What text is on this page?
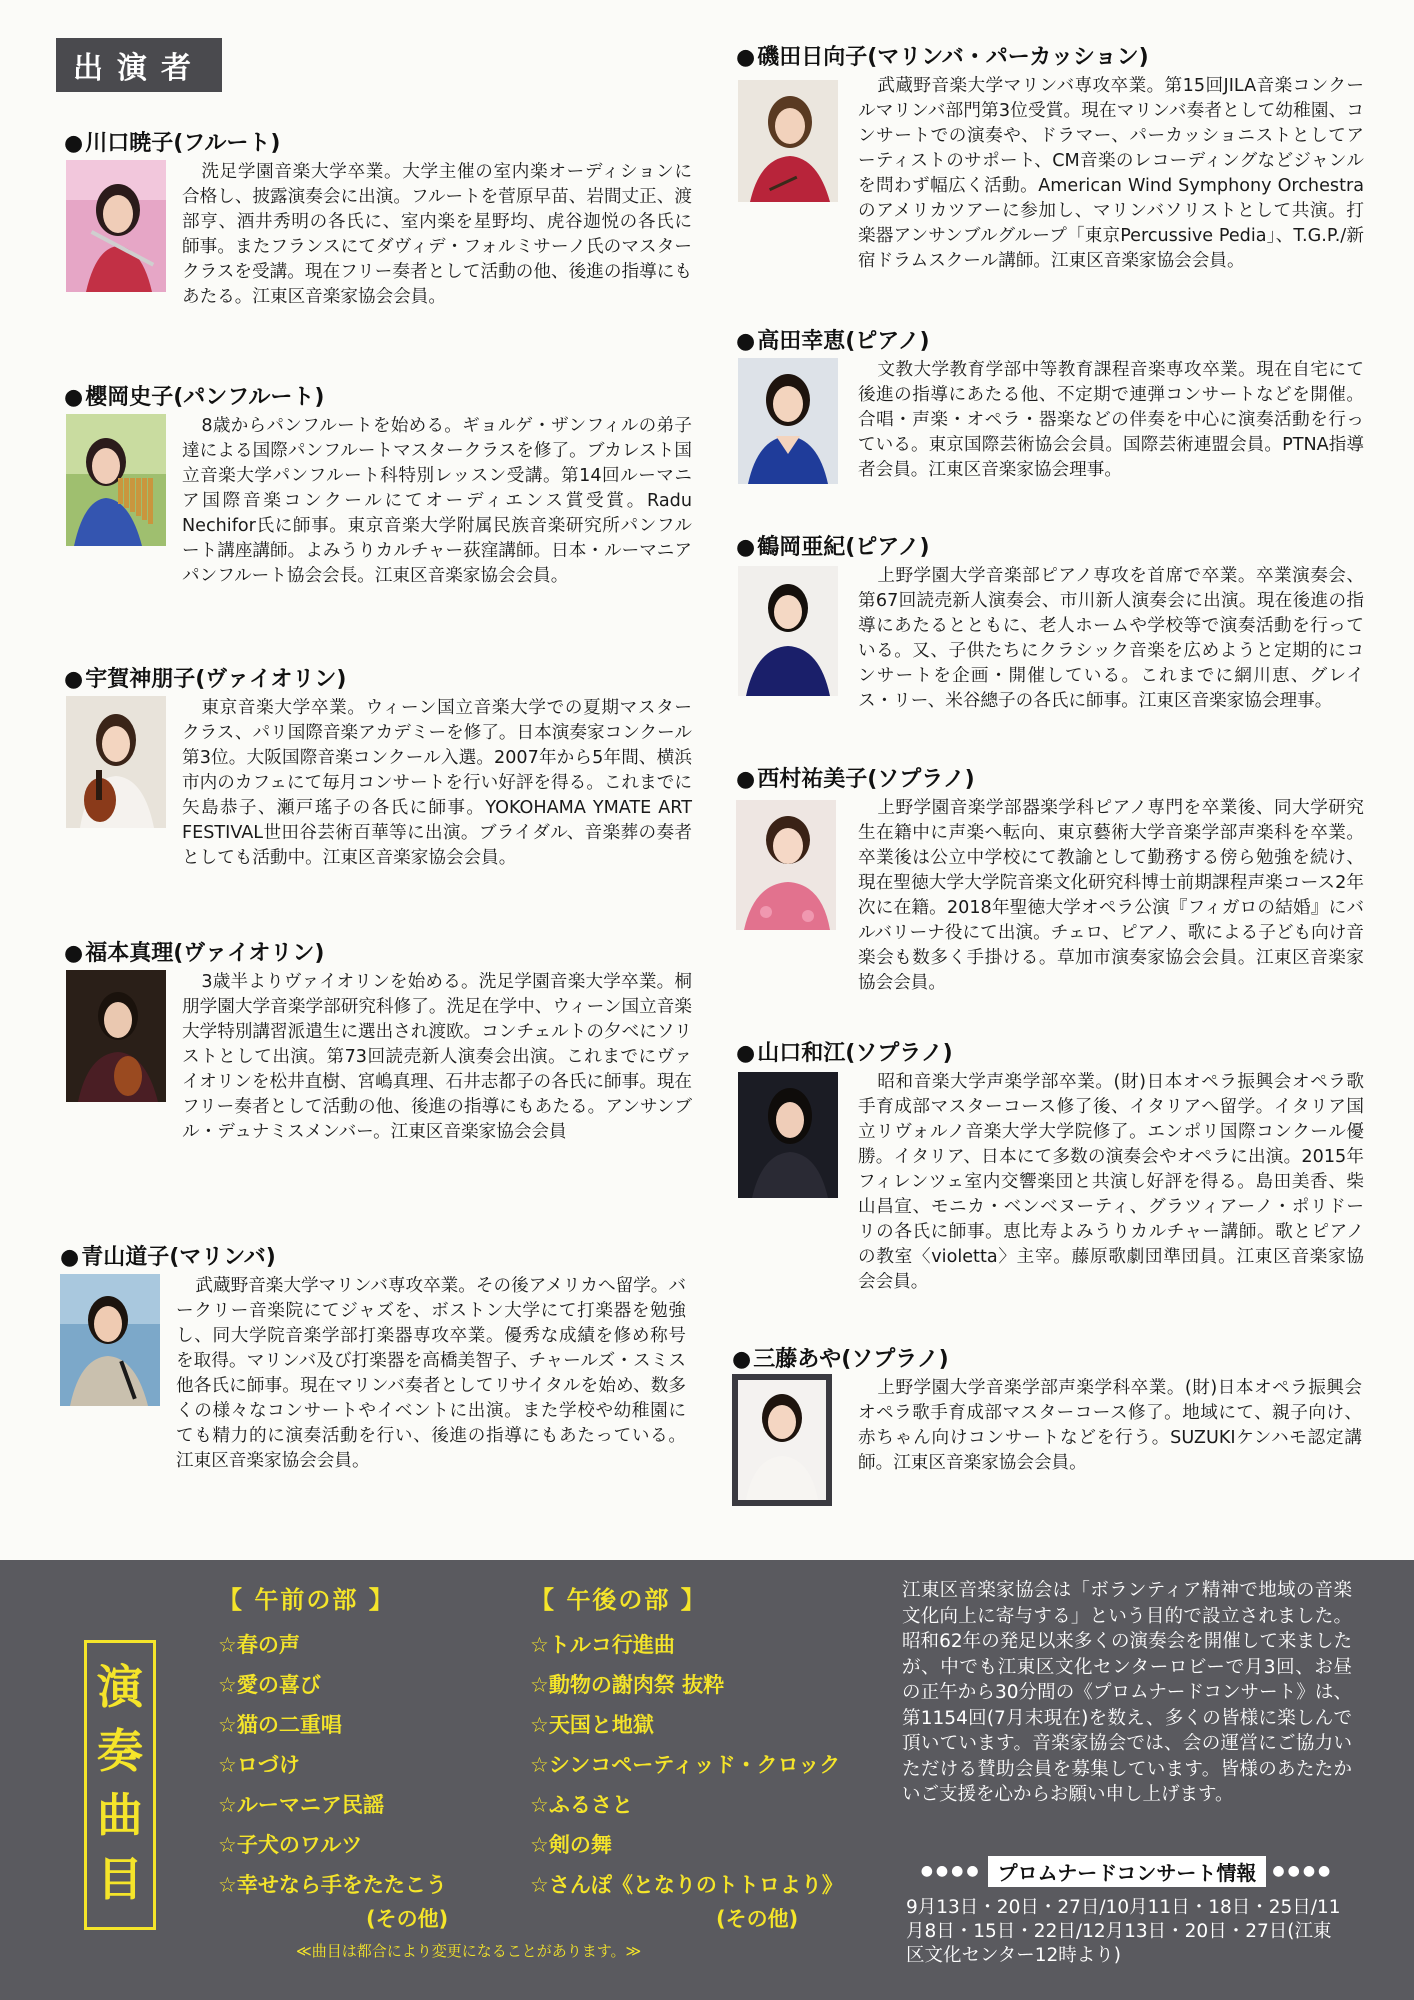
出演者
● 川口暁子(フルート)
洗足学園音楽大学卒業。大学主催の室内楽オーディションに合格し、披露演奏会に出演。フルートを菅原早苗、岩間丈正、渡部亨、酒井秀明の各氏に、室内楽を星野均、虎谷迦悦の各氏に師事。またフランスにてダヴィデ・フォルミサーノ氏のマスタークラスを受講。現在フリー奏者として活動の他、後進の指導にもあたる。江東区音楽家協会会員。
● 櫻岡史子(パンフルート)
8歳からパンフルートを始める。ギョルゲ・ザンフィルの弟子達による国際パンフルートマスタークラスを修了。ブカレスト国立音楽大学パンフルート科特別レッスン受講。第14回ルーマニア国際音楽コンクールにてオーディエンス賞受賞。Radu Nechifor氏に師事。東京音楽大学附属民族音楽研究所パンフルート講座講師。よみうりカルチャー荻窪講師。日本・ルーマニアパンフルート協会会長。江東区音楽家協会会員。
● 宇賀神朋子(ヴァイオリン)
東京音楽大学卒業。ウィーン国立音楽大学での夏期マスタークラス、パリ国際音楽アカデミーを修了。日本演奏家コンクール第3位。大阪国際音楽コンクール入選。2007年から5年間、横浜市内のカフェにて毎月コンサートを行い好評を得る。これまでに矢島恭子、瀬戸瑤子の各氏に師事。YOKOHAMA YMATE ART FESTIVAL世田谷芸術百華等に出演。ブライダル、音楽葬の奏者としても活動中。江東区音楽家協会会員。
● 福本真理(ヴァイオリン)
3歳半よりヴァイオリンを始める。洗足学園音楽大学卒業。桐朋学園大学音楽学部研究科修了。洗足在学中、ウィーン国立音楽大学特別講習派遣生に選出され渡欧。コンチェルトの夕べにソリストとして出演。第73回読売新人演奏会出演。これまでにヴァイオリンを松井直樹、宮嶋真理、石井志都子の各氏に師事。現在フリー奏者として活動の他、後進の指導にもあたる。アンサンブル・デュナミスメンバー。江東区音楽家協会会員
● 青山道子(マリンバ)
武蔵野音楽大学マリンバ専攻卒業。その後アメリカへ留学。バークリー音楽院にてジャズを、ボストン大学にて打楽器を勉強し、同大学院音楽学部打楽器専攻卒業。優秀な成績を修め称号を取得。マリンバ及び打楽器を高橋美智子、チャールズ・スミス他各氏に師事。現在マリンバ奏者としてリサイタルを始め、数多くの様々なコンサートやイベントに出演。また学校や幼稚園にても精力的に演奏活動を行い、後進の指導にもあたっている。江東区音楽家協会会員。
● 磯田日向子(マリンバ・パーカッション)
武蔵野音楽大学マリンバ専攻卒業。第15回JILA音楽コンクールマリンバ部門第3位受賞。現在マリンバ奏者として幼稚園、コンサートでの演奏や、ドラマー、パーカッショニストとしてアーティストのサポート、CM音楽のレコーディングなどジャンルを問わず幅広く活動。American Wind Symphony Orchestraのアメリカツアーに参加し、マリンバソリストとして共演。打楽器アンサンブルグループ「東京Percussive Pedia」、T.G.P./新宿ドラムスクール講師。江東区音楽家協会会員。
● 高田幸恵(ピアノ)
文教大学教育学部中等教育課程音楽専攻卒業。現在自宅にて後進の指導にあたる他、不定期で連弾コンサートなどを開催。合唱・声楽・オペラ・器楽などの伴奏を中心に演奏活動を行っている。東京国際芸術協会会員。国際芸術連盟会員。PTNA指導者会員。江東区音楽家協会理事。
● 鶴岡亜紀(ピアノ)
上野学園大学音楽部ピアノ専攻を首席で卒業。卒業演奏会、第67回読売新人演奏会、市川新人演奏会に出演。現在後進の指導にあたるとともに、老人ホームや学校等で演奏活動を行っている。又、子供たちにクラシック音楽を広めようと定期的にコンサートを企画・開催している。これまでに網川恵、グレイス・リー、米谷總子の各氏に師事。江東区音楽家協会理事。
● 西村祐美子(ソプラノ)
上野学園音楽学部器楽学科ピアノ専門を卒業後、同大学研究生在籍中に声楽へ転向、東京藝術大学音楽学部声楽科を卒業。卒業後は公立中学校にて教諭として勤務する傍ら勉強を続け、現在聖徳大学大学院音楽文化研究科博士前期課程声楽コース2年次に在籍。2018年聖徳大学オペラ公演『フィガロの結婚』にバルバリーナ役にて出演。チェロ、ピアノ、歌による子ども向け音楽会も数多く手掛ける。草加市演奏家協会会員。江東区音楽家協会会員。
● 山口和江(ソプラノ)
昭和音楽大学声楽学部卒業。(財)日本オペラ振興会オペラ歌手育成部マスターコース修了後、イタリアへ留学。イタリア国立リヴォルノ音楽大学大学院修了。エンポリ国際コンクール優勝。イタリア、日本にて多数の演奏会やオペラに出演。2015年フィレンツェ室内交響楽団と共演し好評を得る。島田美香、柴山昌宣、モニカ・ベンベヌーティ、グラツィアーノ・ポリドーリの各氏に師事。恵比寿よみうりカルチャー講師。歌とピアノの教室〈violetta〉主宰。藤原歌劇団準団員。江東区音楽家協会会員。
● 三藤あや(ソプラノ)
上野学園大学音楽学部声楽学科卒業。(財)日本オペラ振興会オペラ歌手育成部マスターコース修了。地域にて、親子向け、赤ちゃん向けコンサートなどを行う。SUZUKIケンハモ認定講師。江東区音楽家協会会員。
演
奏
曲
目
【 午前の部 】
☆ 春の声
☆ 愛の喜び
☆ 猫の二重唱
☆ ロづけ
☆ ルーマニア民謡
☆ 子犬のワルツ
☆ 幸せなら手をたたこう
(その他)
【 午後の部 】
☆ トルコ行進曲
☆ 動物の謝肉祭 抜粋
☆ 天国と地獄
☆ シンコペーティッド・クロック
☆ ふるさと
☆ 剣の舞
☆ さんぽ《となりのトトロより》
(その他)
≪曲目は都合により変更になることがあります。≫
江東区音楽家協会は「ボランティア精神で地域の音楽文化向上に寄与する」という目的で設立されました。昭和62年の発足以来多くの演奏会を開催して来ましたが、中でも江東区文化センターロビーで月3回、お昼の正午から30分間の《プロムナードコンサート》は、第1154回(7月末現在)を数え、多くの皆様に楽しんで頂いています。音楽家協会では、会の運営にご協力いただける賛助会員を募集しています。皆様のあたたかいご支援を心からお願い申し上げます。
●●●● プロムナードコンサート情報	●●●●
9月13日・20日・27日/10月11日・18日・25日/11月8日・15日・22日/12月13日・20日・27日(江東区文化センター12時より)
